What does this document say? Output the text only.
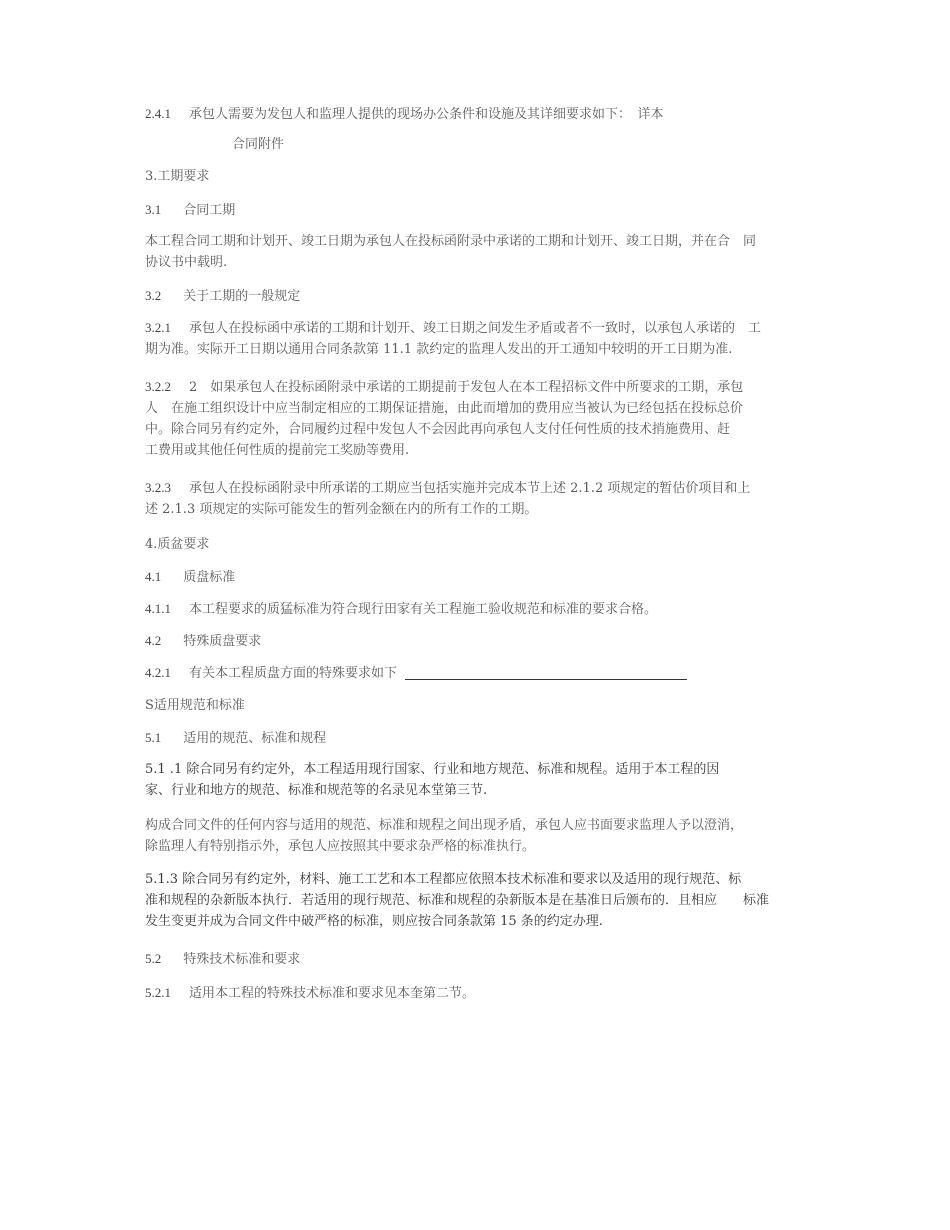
2.4.1 承包人需要为发包人和监理人提供的现场办公条件和设施及其详细要求如下：　详本
合同附件
3.工期要求
3.1 合同工期
本工程合同工期和计划开、竣工日期为承包人在投标函附录中承诺的工期和计划开、竣工日期，并在合　同
协议书中载明.
3.2 关于工期的一般规定
3.2.1 承包人在投标函中承诺的工期和计划开、竣工日期之间发生矛盾或者不一致时，以承包人承诺的　工
期为准。实际开工日期以通用合同条款第 11.1 款约定的监理人发出的开工通知中较明的开工日期为准.
3.2.2 2　如果承包人在投标函附录中承诺的工期提前于发包人在本工程招标文件中所要求的工期，承包
人　在施工组织设计中应当制定相应的工期保证措施，由此而增加的费用应当被认为已经包括在投标总价
中。除合同另有约定外，合同履约过程中发包人不会因此再向承包人支付任何性质的技术捎施费用、赶
工费用或其他任何性质的提前完工奖励等费用.
3.2.3 承包人在投标函附录中所承诺的工期应当包括实施并完成本节上述 2.1.2 项规定的暂估价项目和上
述 2.1.3 项规定的实际可能发生的暂列金额在内的所有工作的工期。
4.质盆要求
4.1 质盘标准
4.1.1 本工程要求的质猛标准为符合现行田家有关工程施工验收规范和标准的要求合格。
4.2 特殊质盘要求
4.2.1 有关本工程质盘方面的特殊要求如下
S适用规范和标准
5.1 适用的规范、标准和规程
5.1 .1 除合同另有约定外，本工程适用现行国家、行业和地方规范、标准和规程。适用于本工程的因
家、行业和地方的规范、标准和规范等的名录见本堂第三节.
构成合同文件的任何内容与适用的规范、标准和规程之间出现矛盾，承包人应书面要求监理人予以澄消，
除监理人有特别指示外，承包人应按照其中要求杂严格的标准执行。
5.1.3 除合同另有约定外，材料、施工工艺和本工程都应依照本技术标准和要求以及适用的现行规范、标
准和规程的杂新版本执行．若适用的现行规范、标准和规程的杂新版本是在基准日后颁布的．且相应　　标准
发生变更并成为合同文件中破严格的标准，则应按合同条款第 15 条的约定办理.
5.2 特殊技术标准和要求
5.2.1 适用本工程的特殊技术标准和要求见本奎第二节。
